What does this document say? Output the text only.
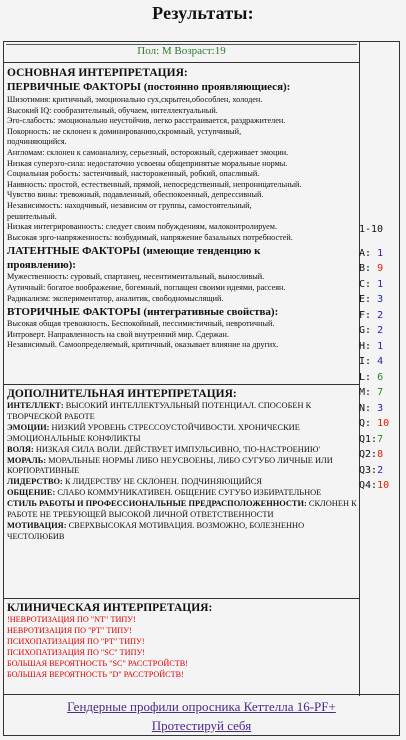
Результаты:
Пол: М Возраст:19
ОСНОВНАЯ ИНТЕРПРЕТАЦИЯ:
ПЕРВИЧНЫЕ ФАКТОРЫ (постоянно проявляющиеся):
Шизотимия: критичный, эмоционально сух,скрытен,обособлен, холоден.
Высокий IQ: сообразительный, обучаем, интеллектуальный.
Эго-слабость: эмоционально неустойчив, легко расстраивается, раздражителен.
Покорность: не склонен к доминированию,скромный, уступчивый,
подчиняющийся.
Англомам: склонен к самоанализу, серьезный, осторожный, сдерживает эмоции.
Низкая суперэго-сила: недостаточно усвоены общепринятые моральные нормы.
Социальная робость: застенчивый, настороженный, робкий, опасливый.
Наивность: простой, естественный, прямой, непосредственный, непроницательный.
Чувство вины: тревожный, подавленный, обеспокоенный, депрессивный.
Независимость: находчивый, независим от группы, самостоятельный,
решительный.
Низкая интегрированность: следует своим побуждениям, малоконтролируем.
Высокая эрго-напряженность: возбудимый, напряжение базальных потребностей.
ЛАТЕНТНЫЕ ФАКТОРЫ (имеющие тенденцию к проявлению):
Мужественность: суровый, спартанец, несентиментальный, выносливый.
Аутичный: богатое воображение, богемный, поглащен своими идеями, рассеян.
Радикализм: экспериментатор, аналитик, свободномыслящий.
ВТОРИЧНЫЕ ФАКТОРЫ (интегративные свойства):
Высокая общая тревожность. Беспокойный, пессимистичный, невротичный.
Интроверт. Направленность на свой внутренний мир. Сдержан.
Независимый. Самоопределяемый, критичный, оказывает влияние на других.
ДОПОЛНИТЕЛЬНАЯ ИНТЕРПРЕТАЦИЯ:
ИНТЕЛЛЕКТ: ВЫСОКИЙ ИНТЕЛЛЕКТУАЛЬНЫЙ ПОТЕНЦИАЛ. СПОСОБЕН К ТВОРЧЕСКОЙ РАБОТЕ
ЭМОЦИИ: НИЗКИЙ УРОВЕНЬ СТРЕССОУСТОЙЧИВОСТИ. ХРОНИЧЕСКИЕ ЭМОЦИОНАЛЬНЫЕ КОНФЛИКТЫ
ВОЛЯ: НИЗКАЯ СИЛА ВОЛИ. ДЕЙСТВУЕТ ИМПУЛЬСИВНО, 'ПО-НАСТРОЕНИЮ'
МОРАЛЬ: МОРАЛЬНЫЕ НОРМЫ ЛИБО НЕУСВОЕНЫ, ЛИБО СУГУБО ЛИЧНЫЕ ИЛИ КОРПОРАТИВНЫЕ
ЛИДЕРСТВО: К ЛИДЕРСТВУ НЕ СКЛОНЕН. ПОДЧИНЯЮЩИЙСЯ
ОБЩЕНИЕ: СЛАБО КОММУНИКАТИВЕН. ОБЩЕНИЕ СУГУБО ИЗБИРАТЕЛЬНОЕ
СТИЛЬ РАБОТЫ И ПРОФЕССИОНАЛЬНЫЕ ПРЕДРАСПОЛОЖЕННОСТИ: СКЛОНЕН К РАБОТЕ НЕ ТРЕБУЮЩЕЙ ВЫСОКОЙ ЛИЧНОЙ ОТВЕТСТВЕННОСТИ
МОТИВАЦИЯ: СВЕРХВЫСОКАЯ МОТИВАЦИЯ. ВОЗМОЖНО, БОЛЕЗНЕННО ЧЕСТОЛЮБИВ
КЛИНИЧЕСКАЯ ИНТЕРПРЕТАЦИЯ:
!НЕВРОТИЗАЦИЯ ПО "NT" ТИПУ!
НЕВРОТИЗАЦИЯ ПО "PT" ТИПУ!
ПСИХОПАТИЗАЦИЯ ПО "PT" ТИПУ!
ПСИХОПАТИЗАЦИЯ ПО "SC" ТИПУ!
БОЛЬШАЯ ВЕРОЯТНОСТЬ "SC" РАССТРОЙСТВ!
БОЛЬШАЯ ВЕРОЯТНОСТЬ "D" РАССТРОЙСТВ!
1-10
A: 1
B: 9
C: 1
E: 3
F: 2
G: 2
H: 1
I: 4
L: 6
M: 7
N: 3
Q: 10
Q1:7
Q2:8
Q3:2
Q4:10
Гендерные профили опросника Кеттелла 16-PF+
Протестируй себя
